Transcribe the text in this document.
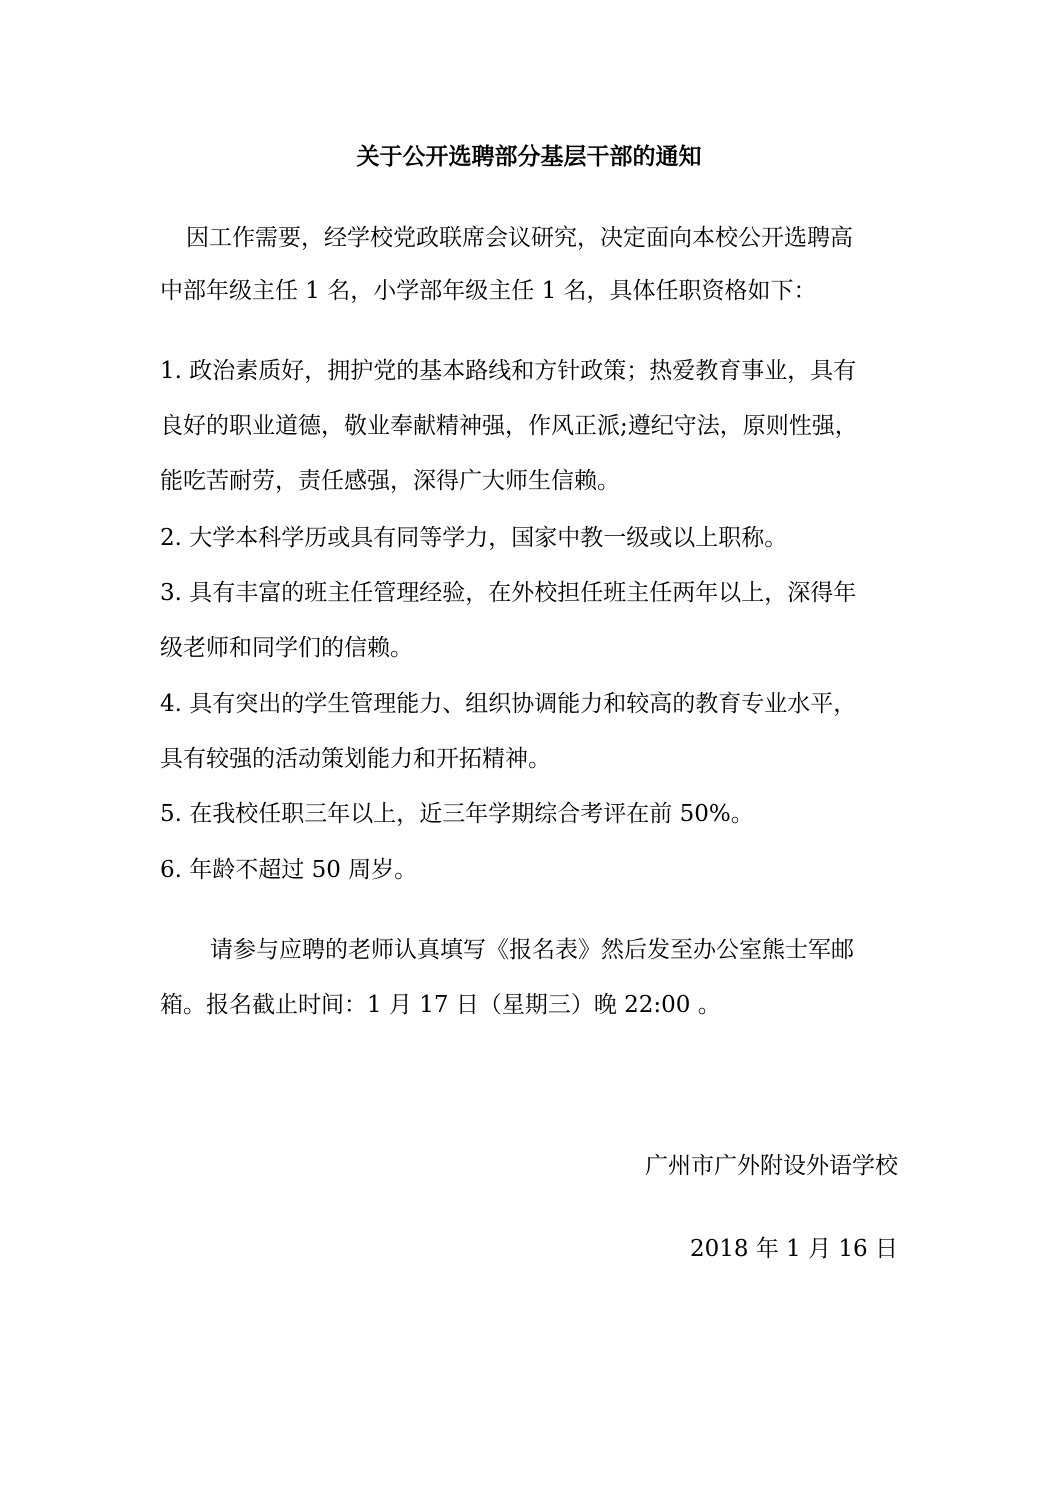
关于公开选聘部分基层干部的通知
因工作需要，经学校党政联席会议研究，决定面向本校公开选聘高
中部年级主任 1 名，小学部年级主任 1 名，具体任职资格如下：
1. 政治素质好，拥护党的基本路线和方针政策；热爱教育事业，具有
良好的职业道德，敬业奉献精神强，作风正派;遵纪守法，原则性强，
能吃苦耐劳，责任感强，深得广大师生信赖。
2. 大学本科学历或具有同等学力，国家中教一级或以上职称。
3. 具有丰富的班主任管理经验，在外校担任班主任两年以上，深得年
级老师和同学们的信赖。
4. 具有突出的学生管理能力、组织协调能力和较高的教育专业水平，
具有较强的活动策划能力和开拓精神。
5. 在我校任职三年以上，近三年学期综合考评在前 50%。
6. 年龄不超过 50 周岁。
请参与应聘的老师认真填写《报名表》然后发至办公室熊士军邮
箱。报名截止时间：1 月 17 日（星期三）晚 22:00 。
广州市广外附设外语学校
2018 年 1 月 16 日
